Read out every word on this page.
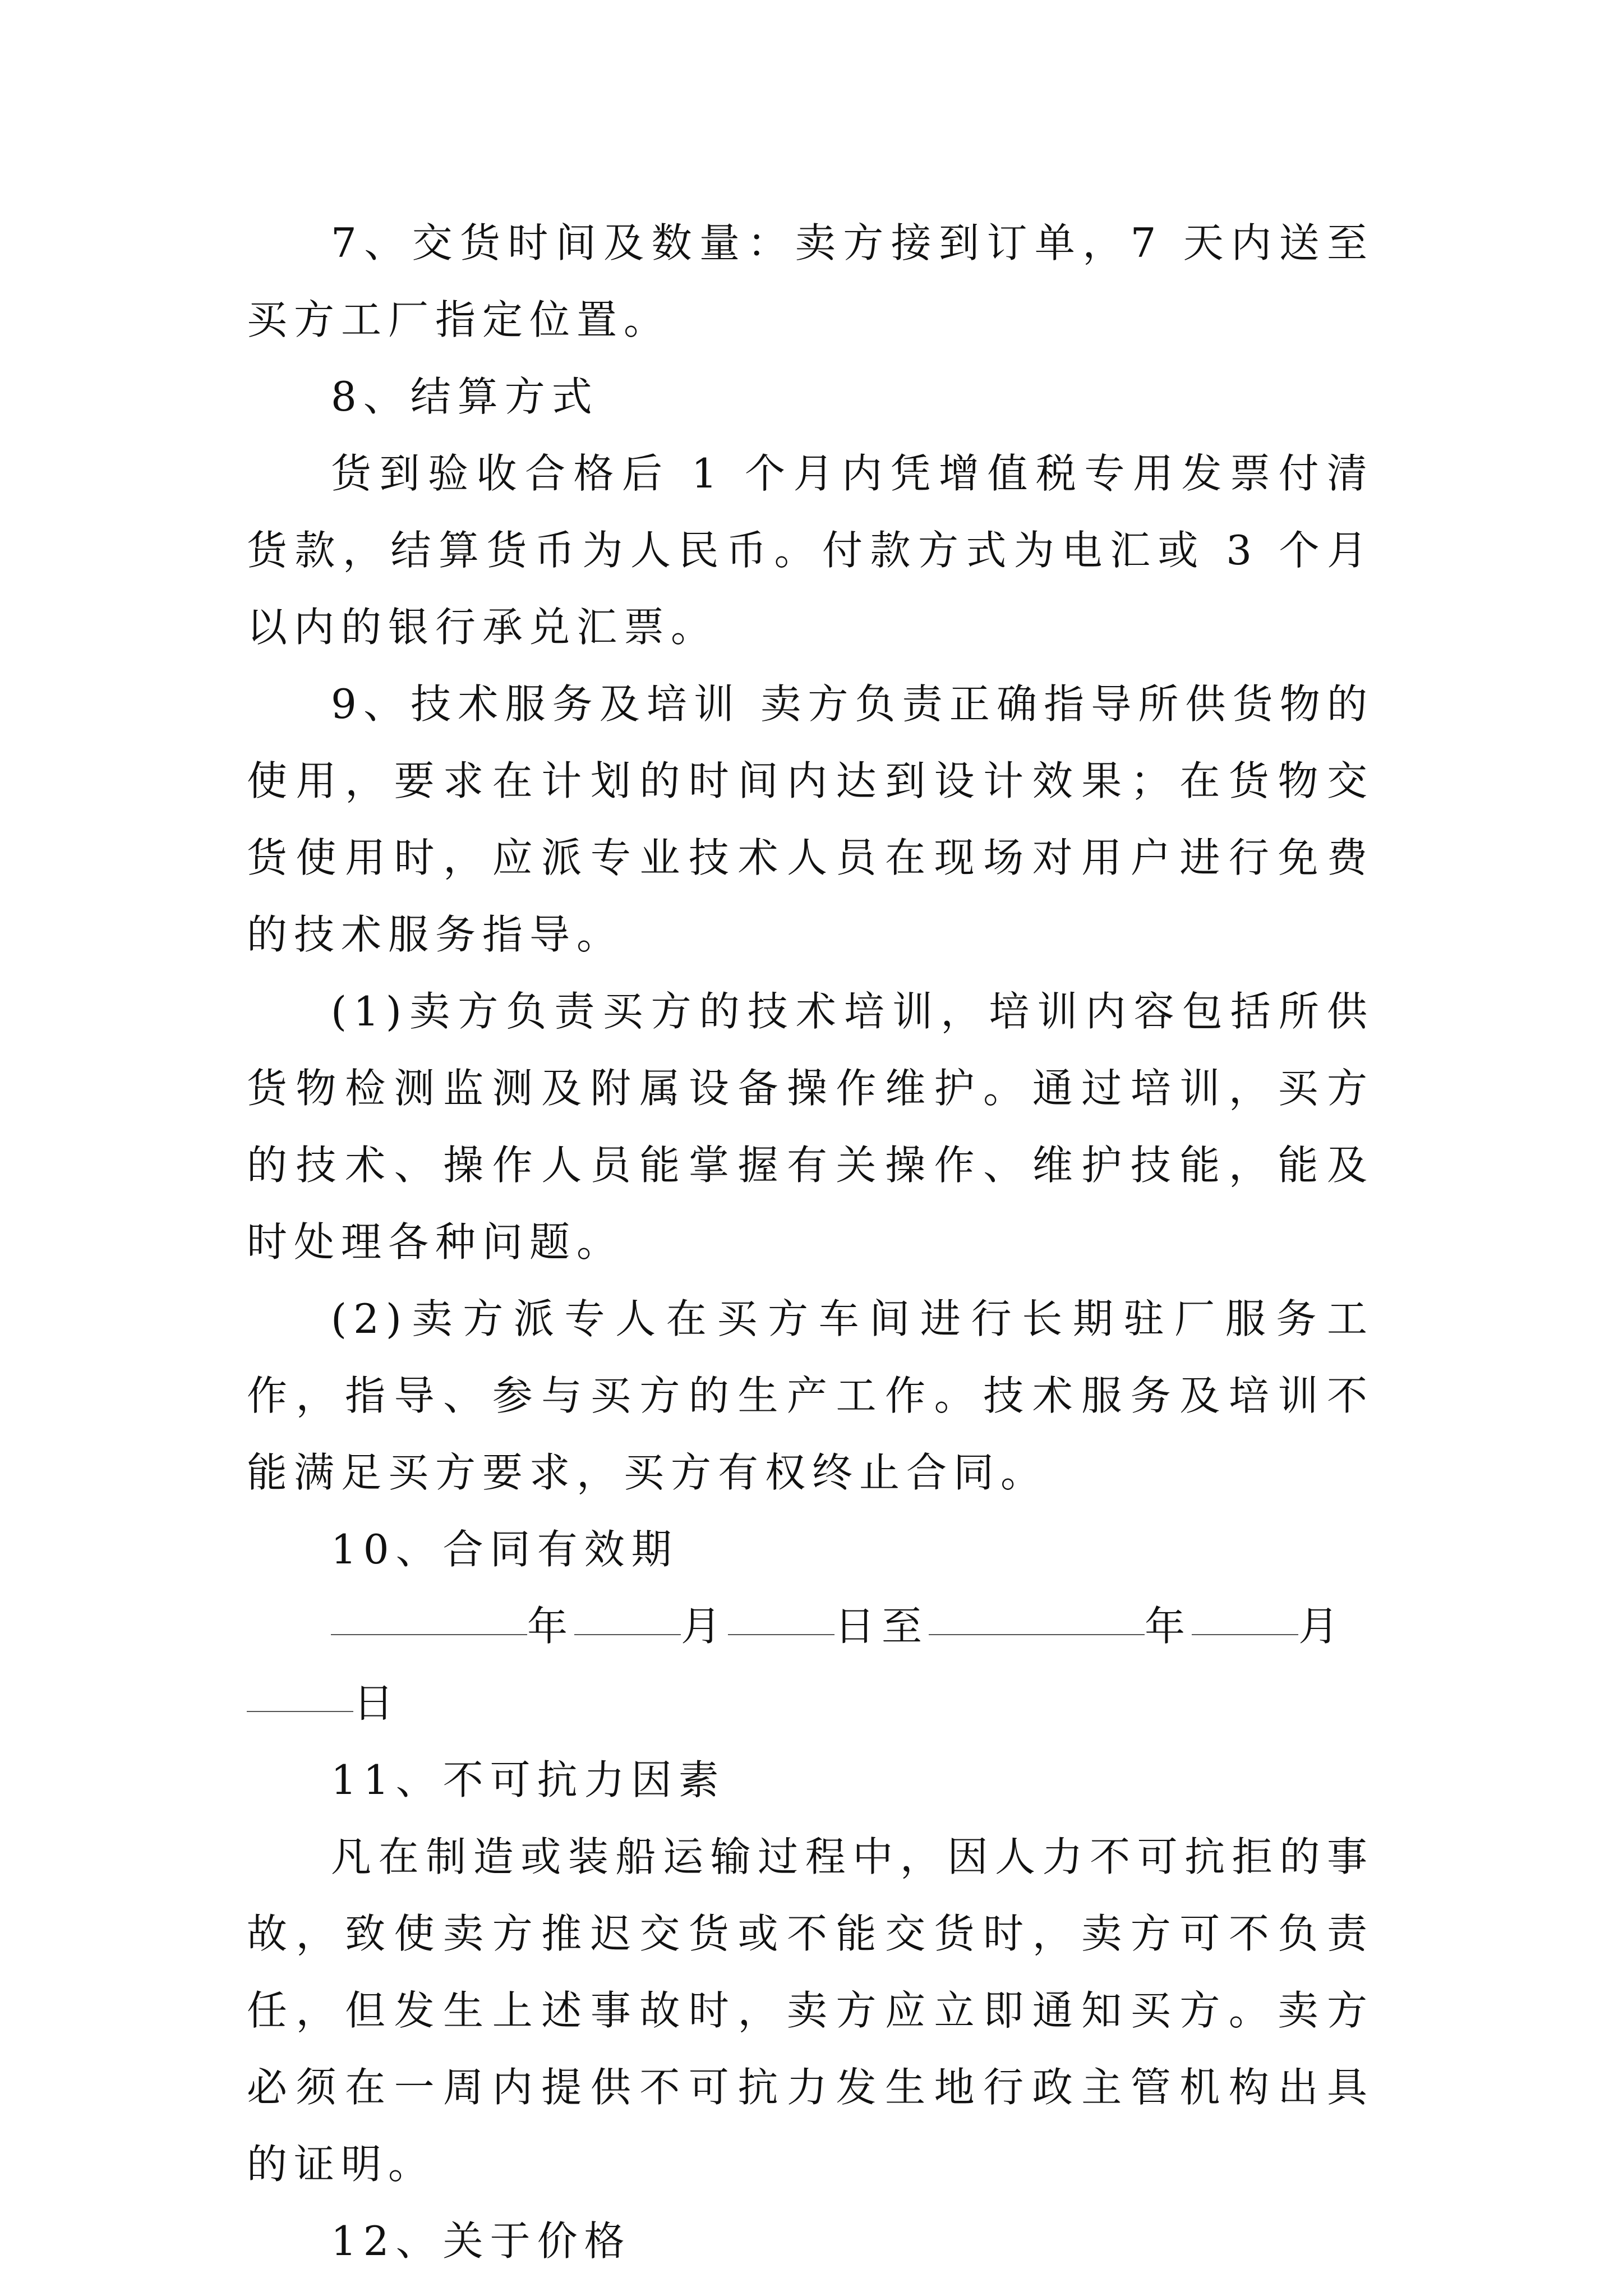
7、交货时间及数量：卖方接到订单，7 天内送至买方工厂指定位置。

8、结算方式

货到验收合格后 1 个月内凭增值税专用发票付清货款，结算货币为人民币。付款方式为电汇或 3 个月以内的银行承兑汇票。

9、技术服务及培训 卖方负责正确指导所供货物的使用，要求在计划的时间内达到设计效果；在货物交货使用时，应派专业技术人员在现场对用户进行免费的技术服务指导。

(1)卖方负责买方的技术培训，培训内容包括所供货物检测监测及附属设备操作维护。通过培训，买方的技术、操作人员能掌握有关操作、维护技能，能及时处理各种问题。

(2)卖方派专人在买方车间进行长期驻厂服务工作，指导、参与买方的生产工作。技术服务及培训不能满足买方要求，买方有权终止合同。

10、合同有效期

年	月	日至	年	月
日

11、不可抗力因素

凡在制造或装船运输过程中，因人力不可抗拒的事故，致使卖方推迟交货或不能交货时，卖方可不负责任，但发生上述事故时，卖方应立即通知买方。卖方必须在一周内提供不可抗力发生地行政主管机构出具的证明。

12、关于价格
